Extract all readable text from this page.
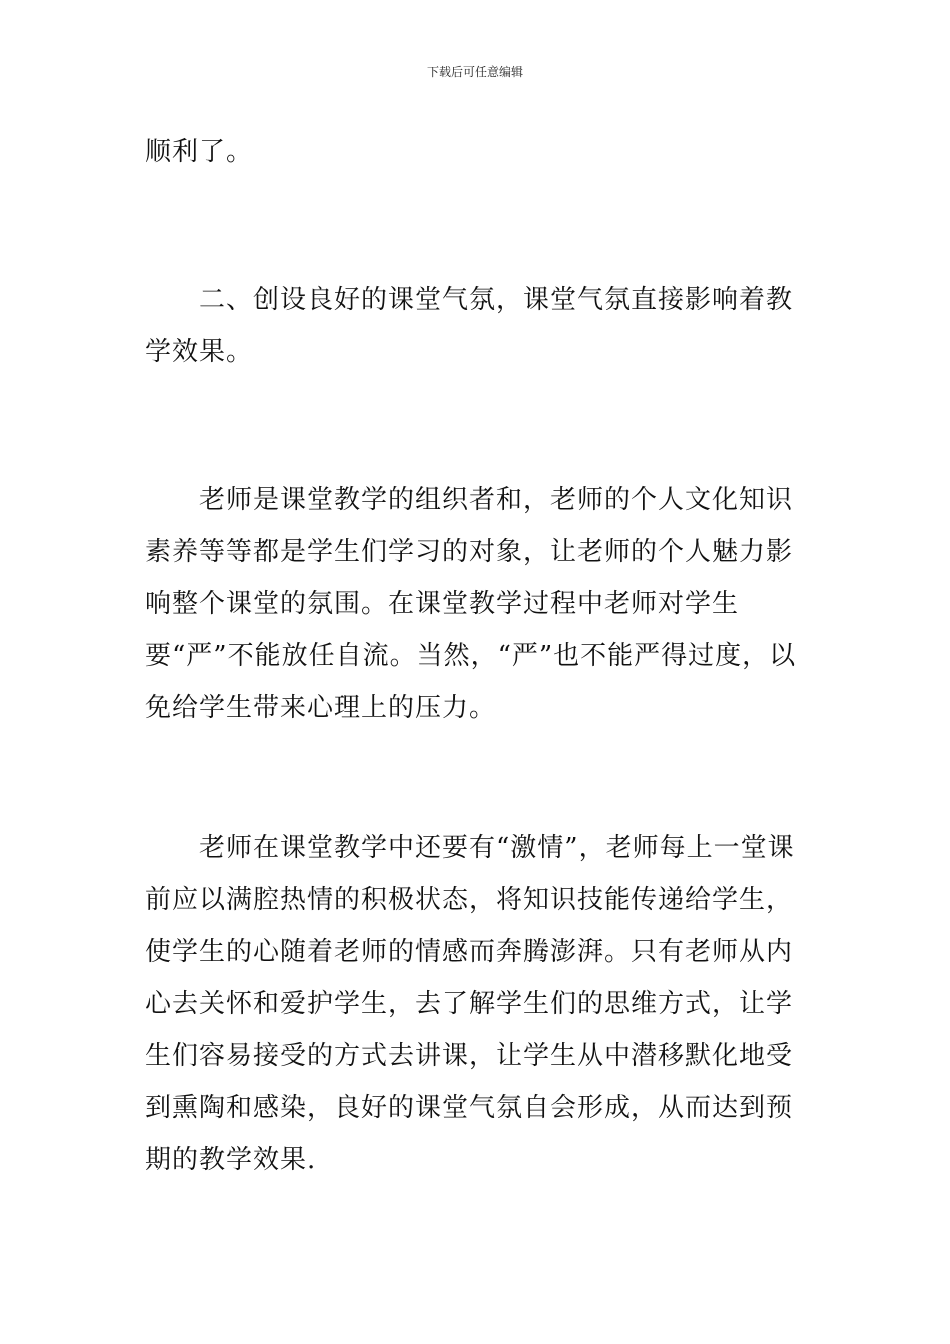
下载后可任意编辑

顺利了。

二、创设良好的课堂气氛，课堂气氛直接影响着教学效果。

老师是课堂教学的组织者和，老师的个人文化知识素养等等都是学生们学习的对象，让老师的个人魅力影响整个课堂的氛围。在课堂教学过程中老师对学生要“严”不能放任自流。当然，“严”也不能严得过度，以免给学生带来心理上的压力。

老师在课堂教学中还要有“激情”，老师每上一堂课前应以满腔热情的积极状态，将知识技能传递给学生，使学生的心随着老师的情感而奔腾澎湃。只有老师从内心去关怀和爱护学生，去了解学生们的思维方式，让学生们容易接受的方式去讲课，让学生从中潜移默化地受到熏陶和感染，良好的课堂气氛自会形成，从而达到预期的教学效果.
